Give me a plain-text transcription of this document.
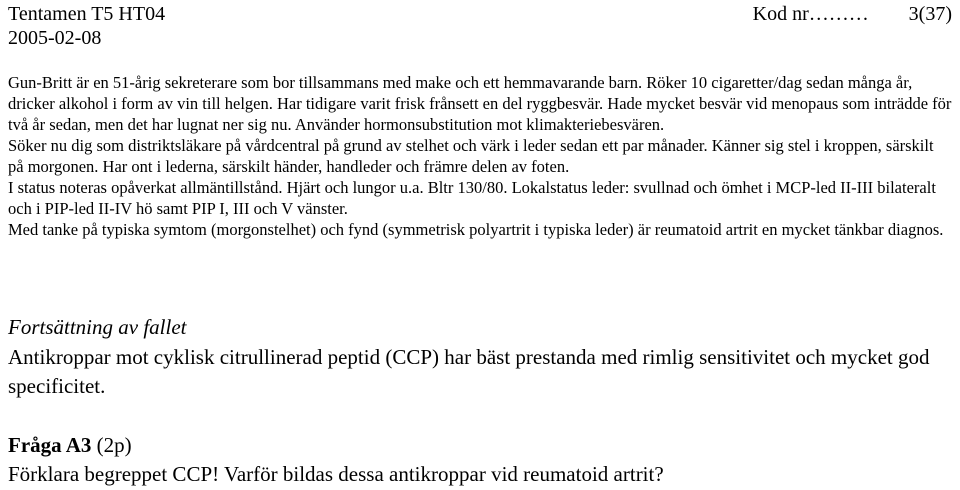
Tentamen T5 HT04
2005-02-08
Kod nr………	3(37)

Gun-Britt är en 51-årig sekreterare som bor tillsammans med make och ett hemmavarande barn. Röker 10 cigaretter/dag sedan många år, dricker alkohol i form av vin till helgen. Har tidigare varit frisk frånsett en del ryggbesvär. Hade mycket besvär vid menopaus som inträdde för två år sedan, men det har lugnat ner sig nu. Använder hormonsubstitution mot klimakteriebesvären.

Söker nu dig som distriktsläkare på vårdcentral på grund av stelhet och värk i leder sedan ett par månader. Känner sig stel i kroppen, särskilt på morgonen. Har ont i lederna, särskilt händer, handleder och främre delen av foten.

I status noteras opåverkat allmäntillstånd. Hjärt och lungor u.a. Bltr 130/80. Lokalstatus leder: svullnad och ömhet i MCP-led II-III bilateralt och i PIP-led II-IV hö samt PIP I, III och V vänster.

Med tanke på typiska symtom (morgonstelhet) och fynd (symmetrisk polyartrit i typiska leder) är reumatoid artrit en mycket tänkbar diagnos.

Fortsättning av fallet
Antikroppar mot cyklisk citrullinerad peptid (CCP) har bäst prestanda med rimlig sensitivitet och mycket god specificitet.
Fråga A3 (2p)
Förklara begreppet CCP! Varför bildas dessa antikroppar vid reumatoid artrit?
